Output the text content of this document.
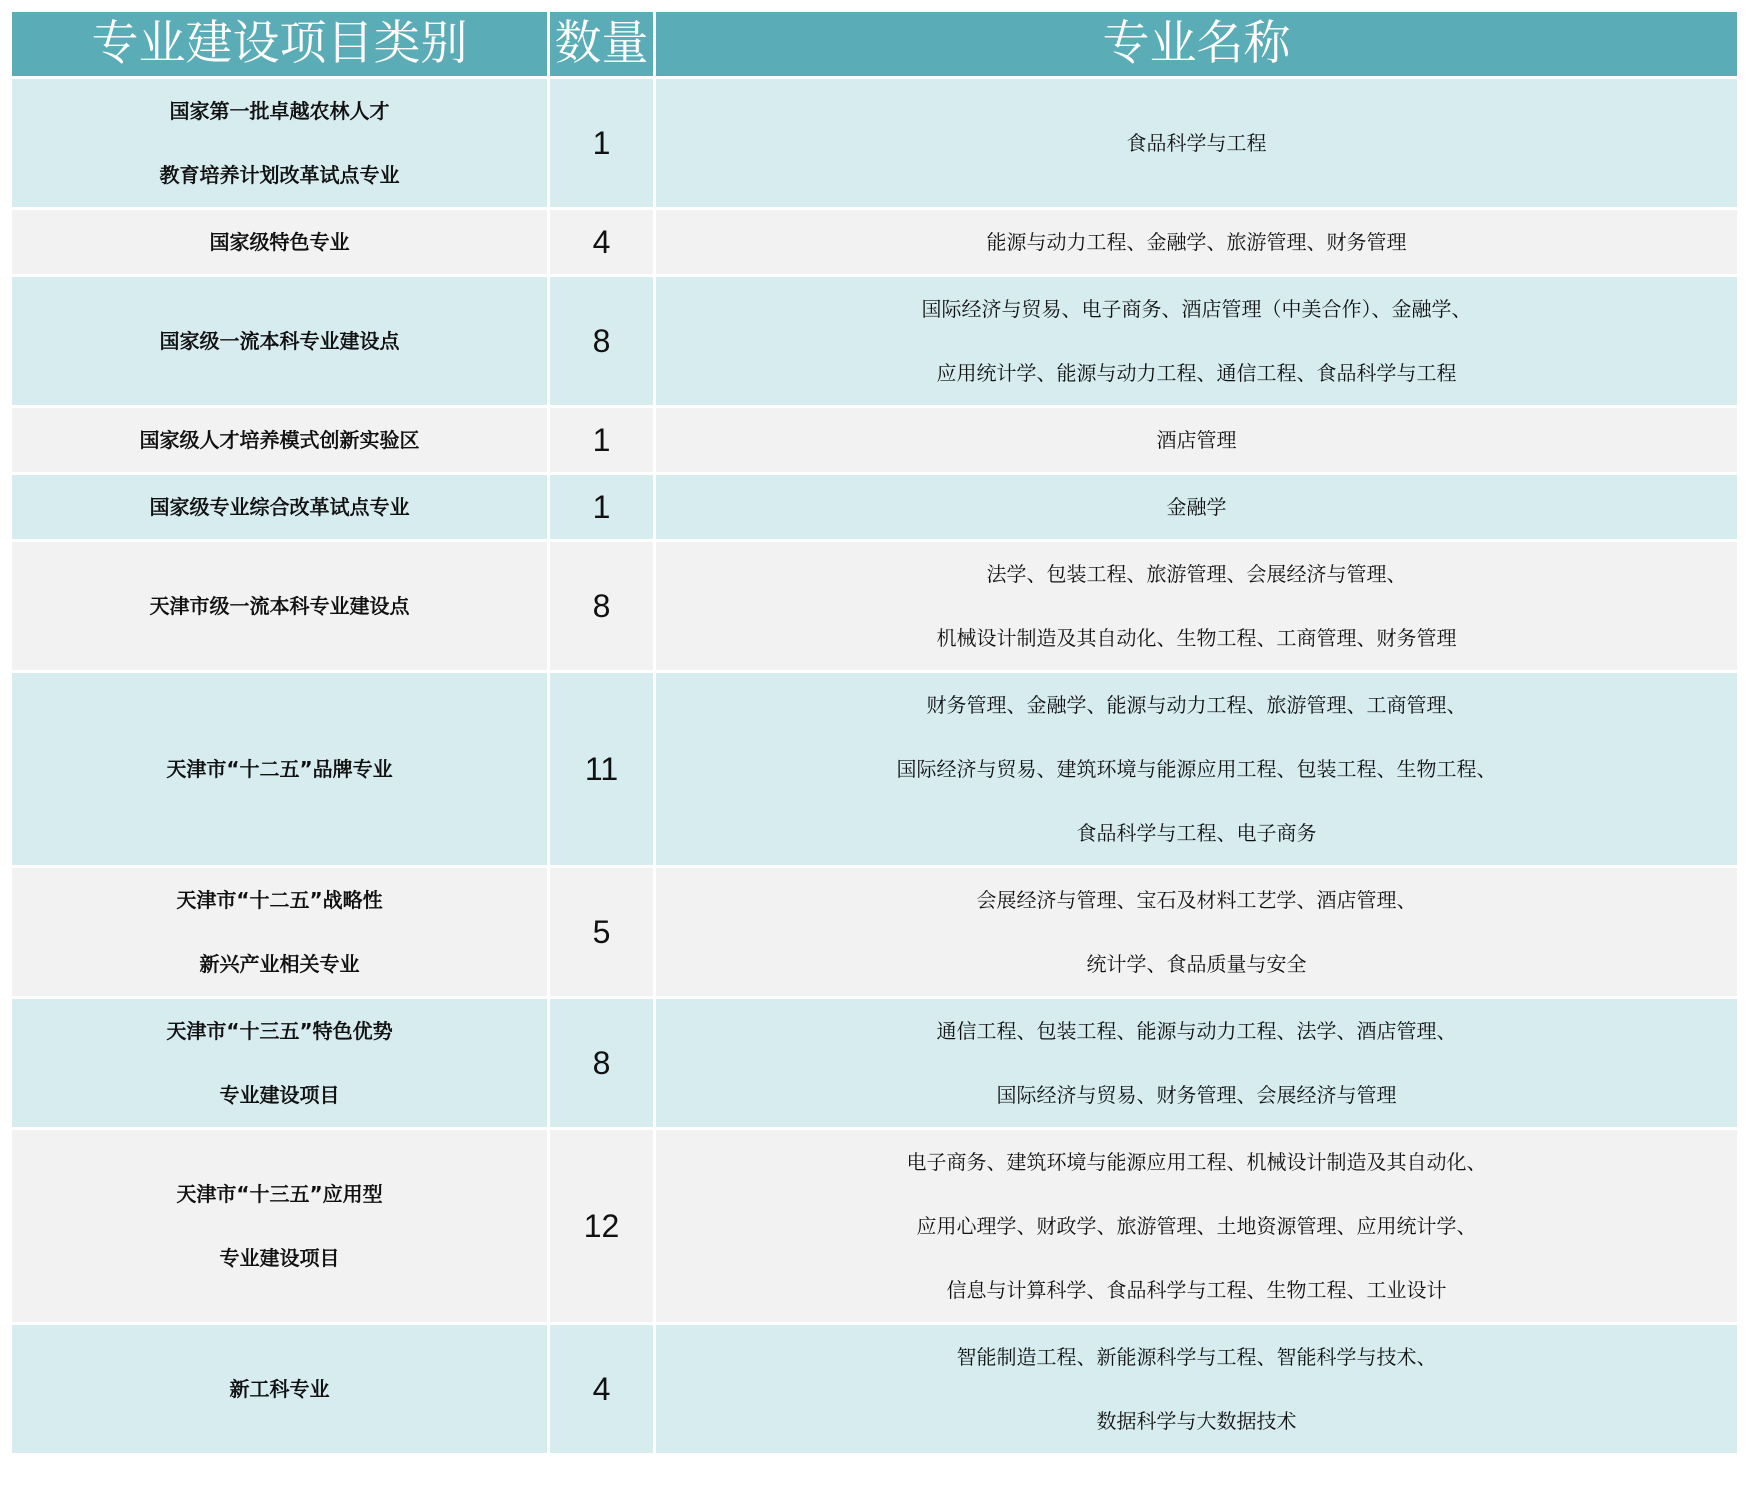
专业建设项目类别	数量	专业名称

国家第一批卓越农林人才
教育培养计划改革试点专业	1	食品科学与工程

国家级特色专业	4	能源与动力工程、金融学、旅游管理、财务管理

国家级一流本科专业建设点	8	国际经济与贸易、电子商务、酒店管理（中美合作）、金融学、
应用统计学、能源与动力工程、通信工程、食品科学与工程

国家级人才培养模式创新实验区	1	酒店管理

国家级专业综合改革试点专业	1	金融学

天津市级一流本科专业建设点	8	法学、包装工程、旅游管理、会展经济与管理、
机械设计制造及其自动化、生物工程、工商管理、财务管理

天津市“十二五”品牌专业	11	财务管理、金融学、能源与动力工程、旅游管理、工商管理、
国际经济与贸易、建筑环境与能源应用工程、包装工程、生物工程、
食品科学与工程、电子商务

天津市“十二五”战略性
新兴产业相关专业	5	会展经济与管理、宝石及材料工艺学、酒店管理、
统计学、食品质量与安全

天津市“十三五”特色优势
专业建设项目	8	通信工程、包装工程、能源与动力工程、法学、酒店管理、
国际经济与贸易、财务管理、会展经济与管理

天津市“十三五”应用型
专业建设项目	12	电子商务、建筑环境与能源应用工程、机械设计制造及其自动化、
应用心理学、财政学、旅游管理、土地资源管理、应用统计学、
信息与计算科学、食品科学与工程、生物工程、工业设计

新工科专业	4	智能制造工程、新能源科学与工程、智能科学与技术、
数据科学与大数据技术
